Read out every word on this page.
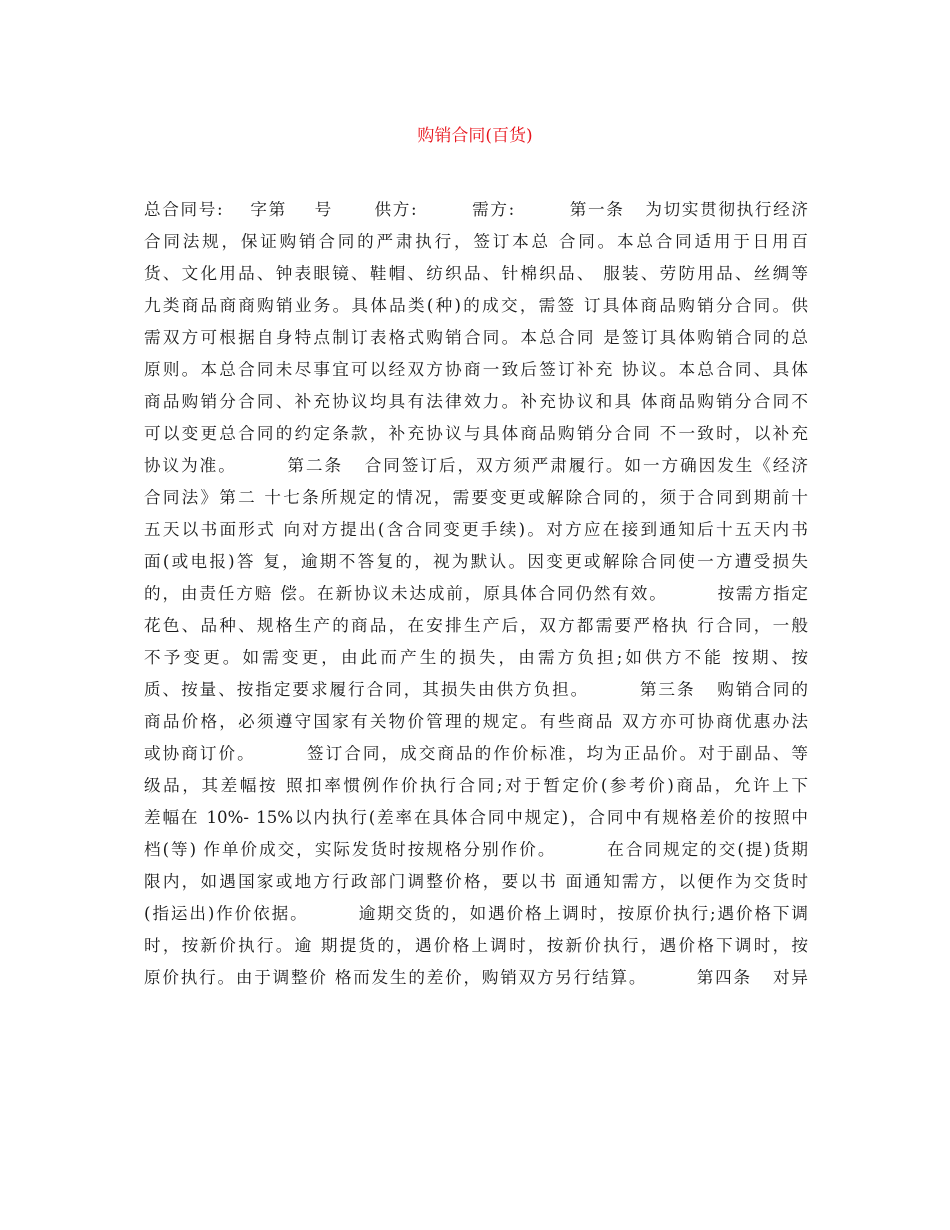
购销合同(百货)
总合同号:    字第    号      供方:        需方:        第一条   为切实贯彻执行经济
合同法规，保证购销合同的严肃执行，签订本总 合同。本总合同适用于日用百
货、文化用品、钟表眼镜、鞋帽、纺织品、针棉织品、 服装、劳防用品、丝绸等
九类商品商商购销业务。具体品类(种)的成交，需签 订具体商品购销分合同。供
需双方可根据自身特点制订表格式购销合同。本总合同 是签订具体购销合同的总
原则。本总合同未尽事宜可以经双方协商一致后签订补充 协议。本总合同、具体
商品购销分合同、补充协议均具有法律效力。补充协议和具 体商品购销分合同不
可以变更总合同的约定条款，补充协议与具体商品购销分合同 不一致时，以补充
协议为准。       第二条   合同签订后，双方须严肃履行。如一方确因发生《经济
合同法》第二 十七条所规定的情况，需要变更或解除合同的，须于合同到期前十
五天以书面形式 向对方提出(含合同变更手续)。对方应在接到通知后十五天内书
面(或电报)答 复，逾期不答复的，视为默认。因变更或解除合同使一方遭受损失
的，由责任方赔 偿。在新协议未达成前，原具体合同仍然有效。       按需方指定
花色、品种、规格生产的商品，在安排生产后，双方都需要严格执 行合同，一般
不予变更。如需变更，由此而产生的损失，由需方负担;如供方不能 按期、按
质、按量、按指定要求履行合同，其损失由供方负担。       第三条   购销合同的
商品价格，必须遵守国家有关物价管理的规定。有些商品 双方亦可协商优惠办法
或协商订价。       签订合同，成交商品的作价标准，均为正品价。对于副品、等
级品，其差幅按 照扣率惯例作价执行合同;对于暂定价(参考价)商品，允许上下
差幅在 10%- 15%以内执行(差率在具体合同中规定)，合同中有规格差价的按照中
档(等) 作单价成交，实际发货时按规格分别作价。       在合同规定的交(提)货期
限内，如遇国家或地方行政部门调整价格，要以书 面通知需方，以便作为交货时
(指运出)作价依据。       逾期交货的，如遇价格上调时，按原价执行;遇价格下调
时，按新价执行。逾 期提货的，遇价格上调时，按新价执行，遇价格下调时，按
原价执行。由于调整价 格而发生的差价，购销双方另行结算。       第四条   对异
